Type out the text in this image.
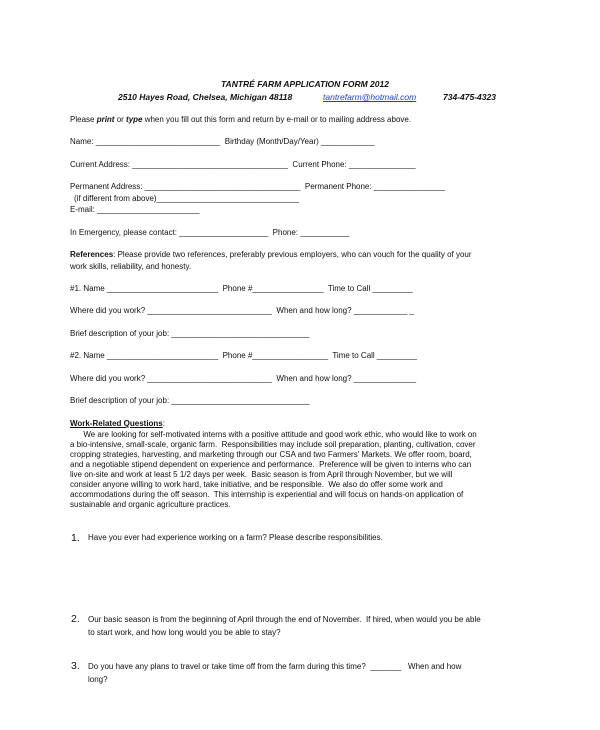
TANTRÉ FARM APPLICATION FORM 2012
2510 Hayes Road, Chelsea, Michigan 48118	tantrefarm@hotmail.com	734-475-4323
Please print or type when you fill out this form and return by e-mail or to mailing address above.
Name: ____________________________  Birthday (Month/Day/Year) ____________
Current Address: ___________________________________  Current Phone: _______________
Permanent Address: ___________________________________  Permanent Phone: ________________
(if different from above)________________________________
E-mail: _______________________
In Emergency, please contact: ____________________  Phone: ___________
References: Please provide two references, preferably previous employers, who can vouch for the quality of your
work skills, reliability, and honesty.
#1. Name _________________________  Phone #________________  Time to Call _________
Where did you work? ____________________________  When and how long? ____________ _
Brief description of your job: _______________________________
#2. Name _________________________  Phone #_________________  Time to Call _________
Where did you work? ____________________________  When and how long? ______________
Brief description of your job: _______________________________
Work-Related Questions:
We are looking for self-motivated interns with a positive attitude and good work ethic, who would like to work on
a bio-intensive, small-scale, organic farm.  Responsibilities may include soil preparation, planting, cultivation, cover
cropping strategies, harvesting, and marketing through our CSA and two Farmers' Markets. We offer room, board,
and a negotiable stipend dependent on experience and performance.  Preference will be given to interns who can
live on-site and work at least 5 1/2 days per week.  Basic season is from April through November, but we will
consider anyone willing to work hard, take initiative, and be responsible.  We also do offer some work and
accommodations during the off season.  This internship is experiential and will focus on hands-on application of
sustainable and organic agriculture practices.
1. Have you ever had experience working on a farm? Please describe responsibilities.
2. Our basic season is from the beginning of April through the end of November.  If hired, when would you be able
to start work, and how long would you be able to stay?
3. Do you have any plans to travel or take time off from the farm during this time?  _______   When and how
long?
